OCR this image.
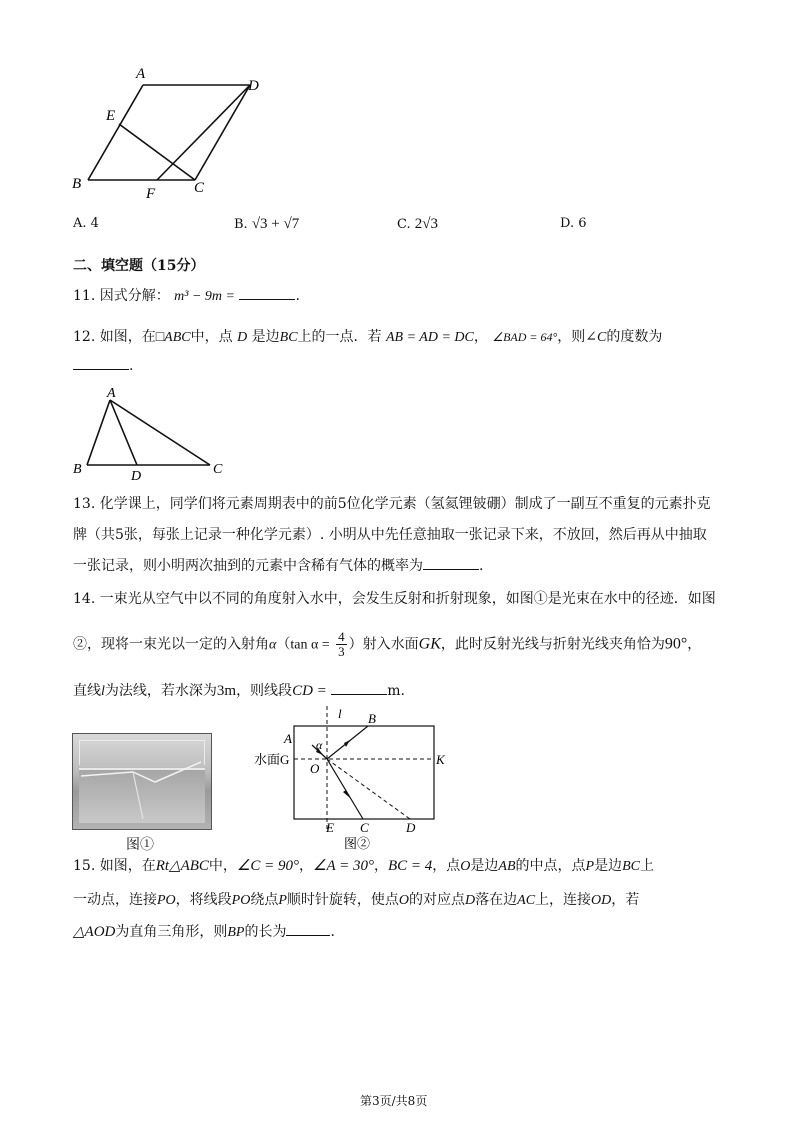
A
D
E
B
F	C
A. 4	B. √3 + √7	C. 2√3	D. 6
二、填空题（15分）
11. 因式分解： m³ − 9m =	.
12. 如图，在□ABC中，点 D 是边BC上的一点．若 AB = AD = DC， ∠BAD = 64°，则∠C的度数为
.
A
B	D	C
13. 化学课上，同学们将元素周期表中的前5位化学元素（氢氦锂铍硼）制成了一副互不重复的元素扑克
牌（共5张，每张上记录一种化学元素）. 小明从中先任意抽取一张记录下来，不放回，然后再从中抽取
一张记录，则小明两次抽到的元素中含稀有气体的概率为	.
14. 一束光从空气中以不同的角度射入水中，会发生反射和折射现象，如图①是光束在水中的径迹．如图
②，现将一束光以一定的入射角α（tan $\alpha = \frac{4}{3}$ ）射入水面GK，此时反射光线与折射光线夹角恰为90°，
直线l为法线，若水深为3m，则线段CD =	m.
图①
l B
A α
水面G
O
K
E C	D
图②
15. 如图，在Rt△ABC中，∠C = 90°，∠A = 30°，BC = 4，点O是边AB的中点，点P是边BC上
一动点，连接PO，将线段PO绕点P顺时针旋转，使点O的对应点D落在边AC上，连接OD，若
△AOD为直角三角形，则BP的长为	.
第3页/共8页
